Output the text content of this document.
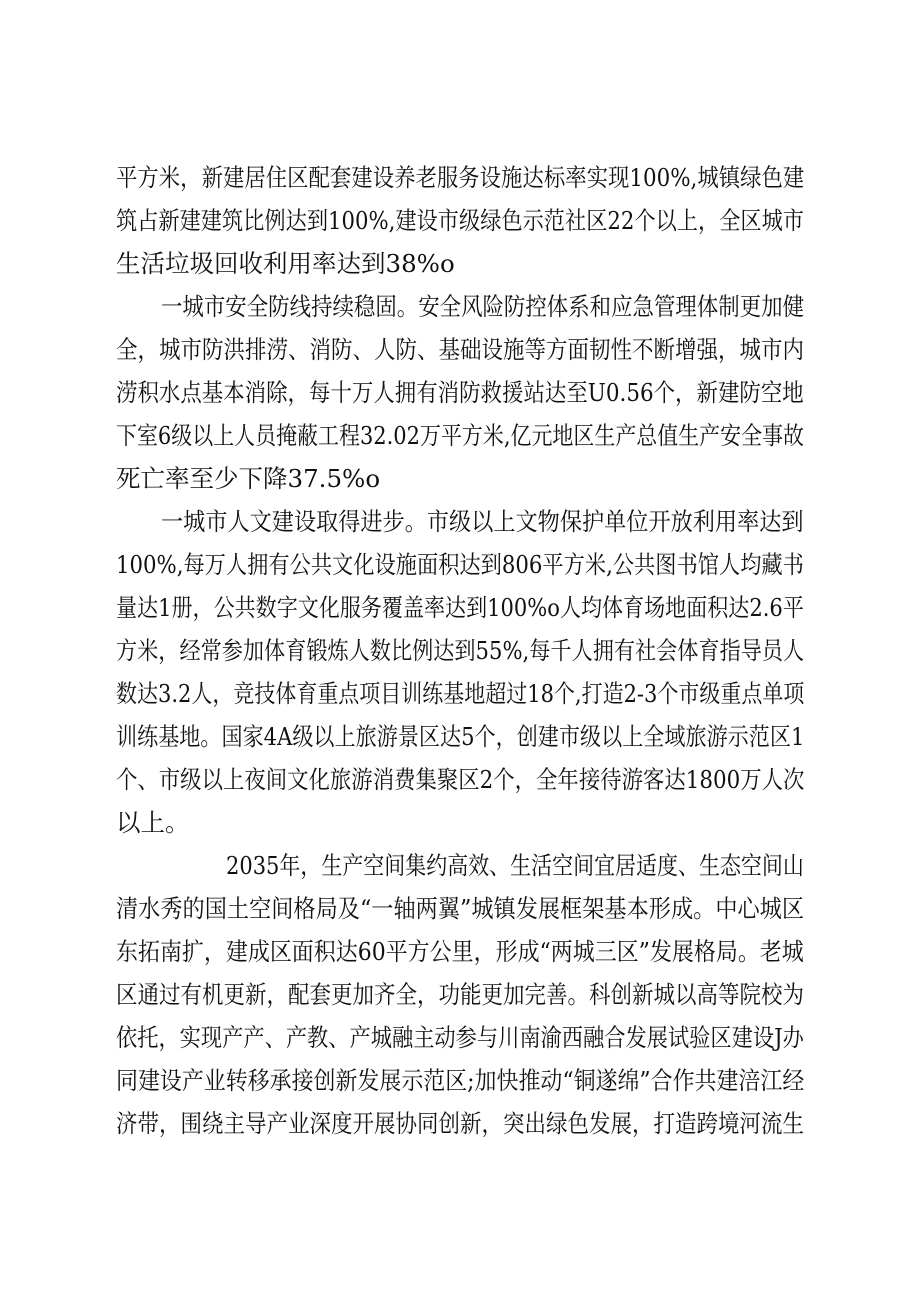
平方米，新建居住区配套建设养老服务设施达标率实现100%,城镇绿色建
筑占新建建筑比例达到100%,建设市级绿色示范社区22个以上，全区城市
生活垃圾回收利用率达到38%o
一城市安全防线持续稳固。安全风险防控体系和应急管理体制更加健
全，城市防洪排涝、消防、人防、基础设施等方面韧性不断增强，城市内
涝积水点基本消除，每十万人拥有消防救援站达至U0.56个，新建防空地
下室6级以上人员掩蔽工程32.02万平方米,亿元地区生产总值生产安全事故
死亡率至少下降37.5%o
一城市人文建设取得进步。市级以上文物保护单位开放利用率达到
100%,每万人拥有公共文化设施面积达到806平方米,公共图书馆人均藏书
量达1册，公共数字文化服务覆盖率达到100%o人均体育场地面积达2.6平
方米，经常参加体育锻炼人数比例达到55%,每千人拥有社会体育指导员人
数达3.2人，竞技体育重点项目训练基地超过18个,打造2-3个市级重点单项
训练基地。国家4A级以上旅游景区达5个，创建市级以上全域旅游示范区1
个、市级以上夜间文化旅游消费集聚区2个，全年接待游客达1800万人次
以上。
2035年，生产空间集约高效、生活空间宜居适度、生态空间山
清水秀的国土空间格局及“一轴两翼”城镇发展框架基本形成。中心城区
东拓南扩，建成区面积达60平方公里，形成“两城三区”发展格局。老城
区通过有机更新，配套更加齐全，功能更加完善。科创新城以高等院校为
依托，实现产产、产教、产城融主动参与川南渝西融合发展试验区建设J办
同建设产业转移承接创新发展示范区;加快推动“铜遂绵”合作共建涪江经
济带，围绕主导产业深度开展协同创新，突出绿色发展，打造跨境河流生
